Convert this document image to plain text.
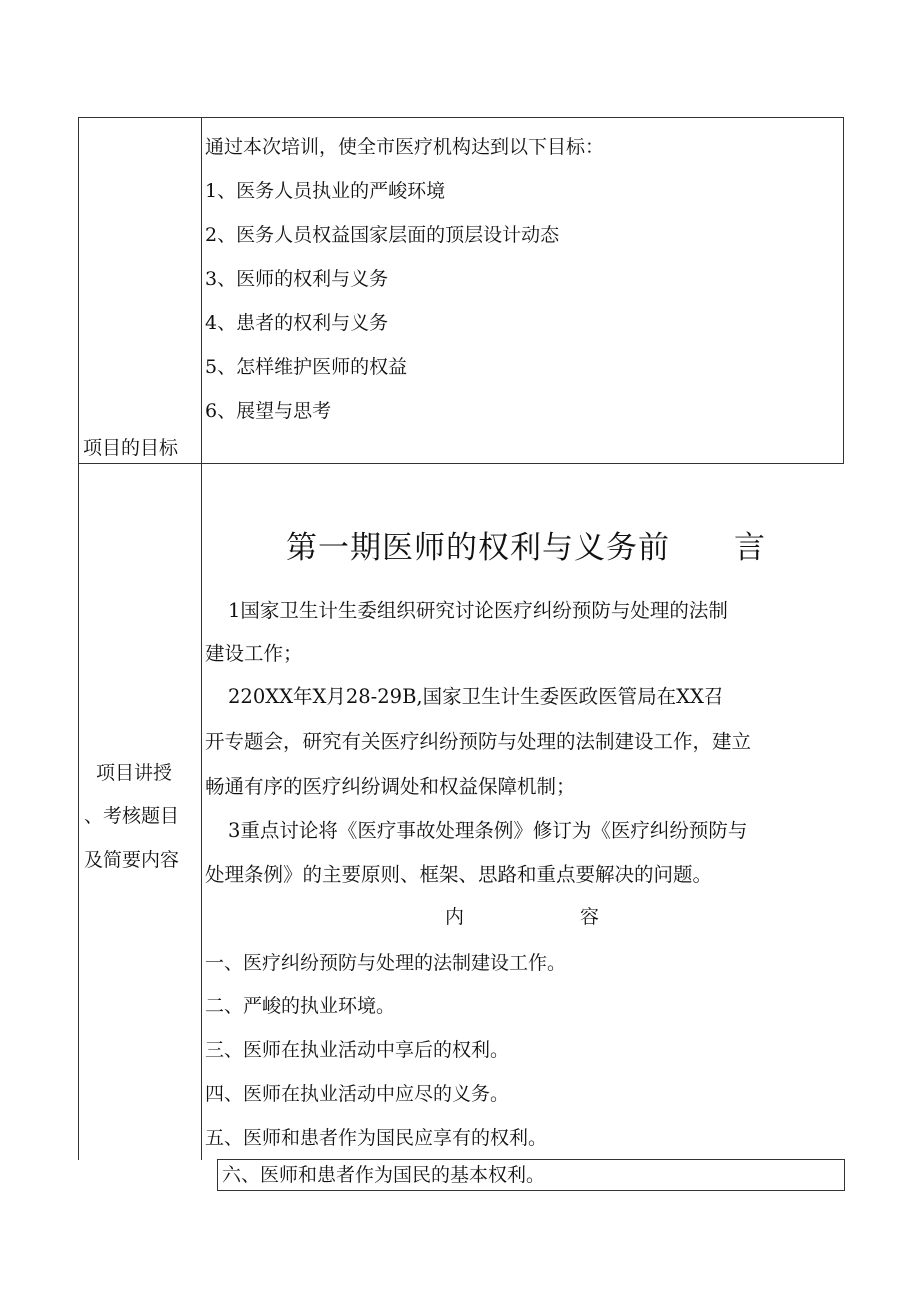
项目的目标
通过本次培训，使全市医疗机构达到以下目标：
1、医务人员执业的严峻环境
2、医务人员权益国家层面的顶层设计动态
3、医师的权利与义务
4、患者的权利与义务
5、怎样维护医师的权益
6、展望与思考
项目讲授
、考核题目
及简要内容
第一期医师的权利与义务前 言
1国家卫生计生委组织研究讨论医疗纠纷预防与处理的法制
建设工作；
220XX年X月28-29B,国家卫生计生委医政医管局在XX召
开专题会，研究有关医疗纠纷预防与处理的法制建设工作，建立
畅通有序的医疗纠纷调处和权益保障机制；
3重点讨论将《医疗事故处理条例》修订为《医疗纠纷预防与
处理条例》的主要原则、框架、思路和重点要解决的问题。
内	容
一、医疗纠纷预防与处理的法制建设工作。
二、严峻的执业环境。
三、医师在执业活动中享后的权利。
四、医师在执业活动中应尽的义务。
五、医师和患者作为国民应享有的权利。
六、医师和患者作为国民的基本权利。
